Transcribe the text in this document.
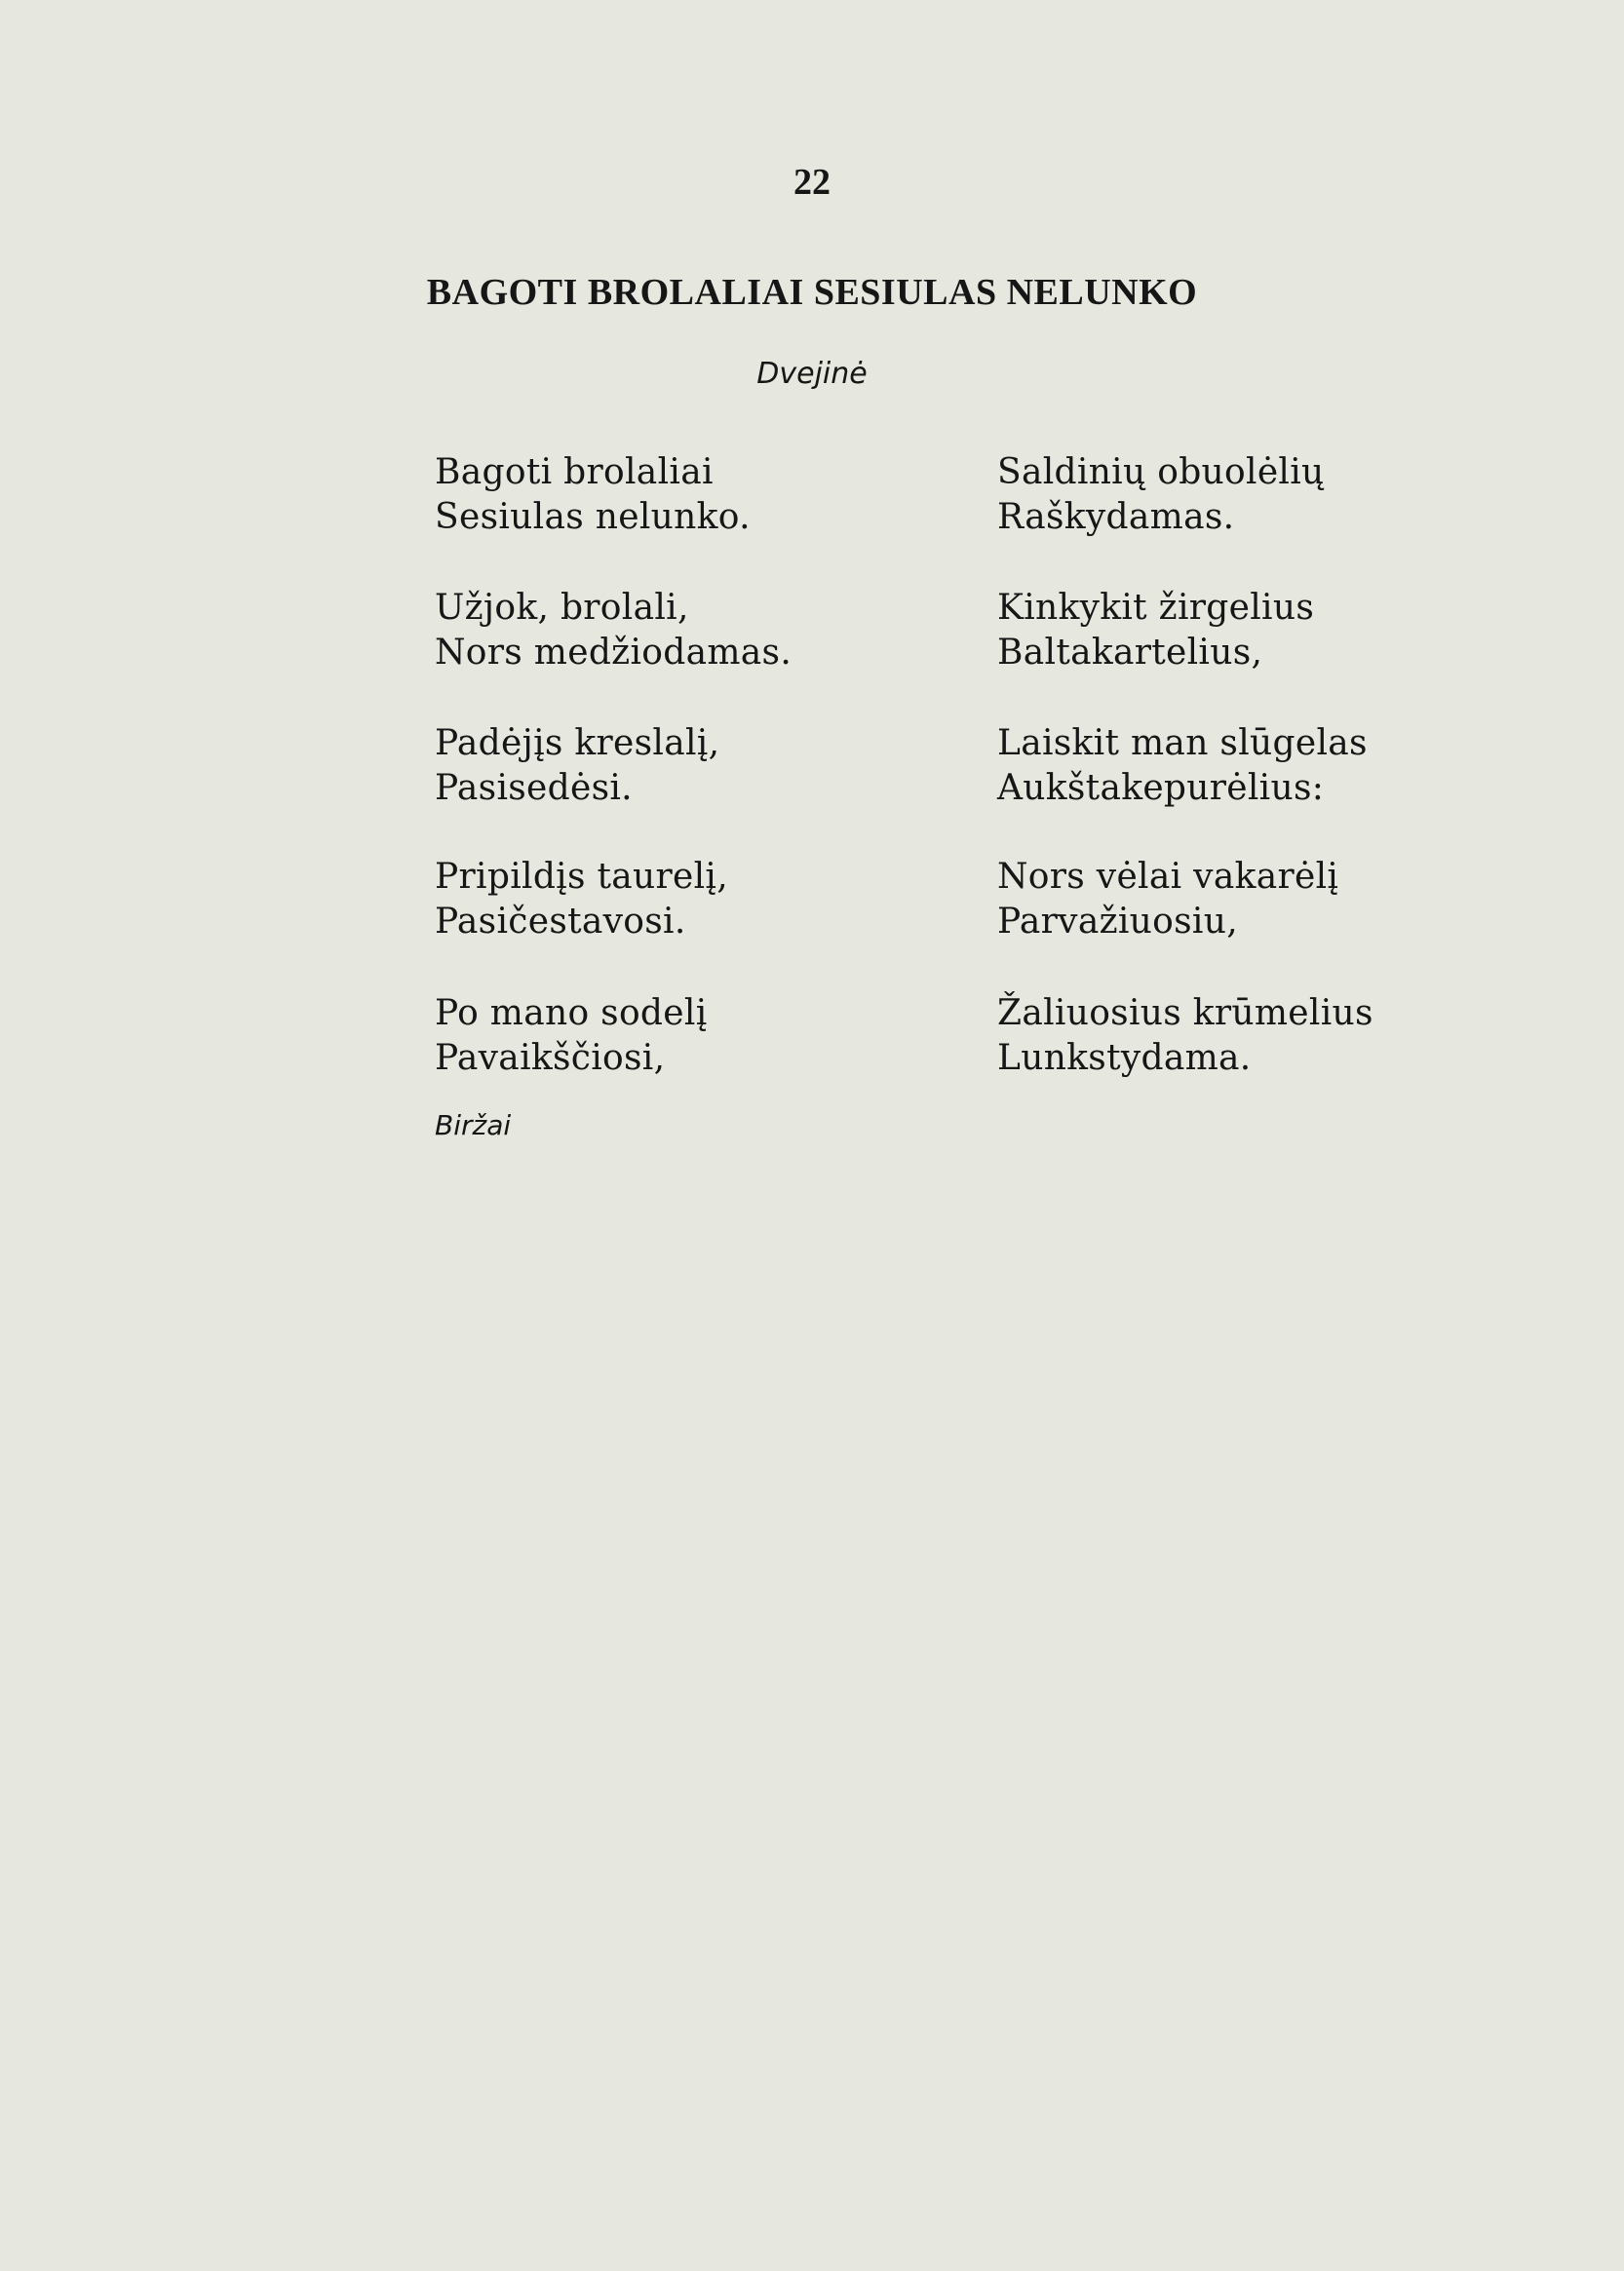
22
BAGOTI BROLALIAI SESIULAS NELUNKO
Dvejinė
Bagoti brolaliai
Sesiulas nelunko.
Užjok, brolali,
Nors medžiodamas.
Padėjįs kreslalį,
Pasisedėsi.
Pripildįs taurelį,
Pasičestavosi.
Po mano sodelį
Pavaikščiosi,
Saldinių obuolėlių
Raškydamas.
Kinkykit žirgelius
Baltakartelius,
Laiskit man slūgelas
Aukštakepurėlius:
Nors vėlai vakarėlį
Parvažiuosiu,
Žaliuosius krūmelius
Lunkstydama.
Biržai
